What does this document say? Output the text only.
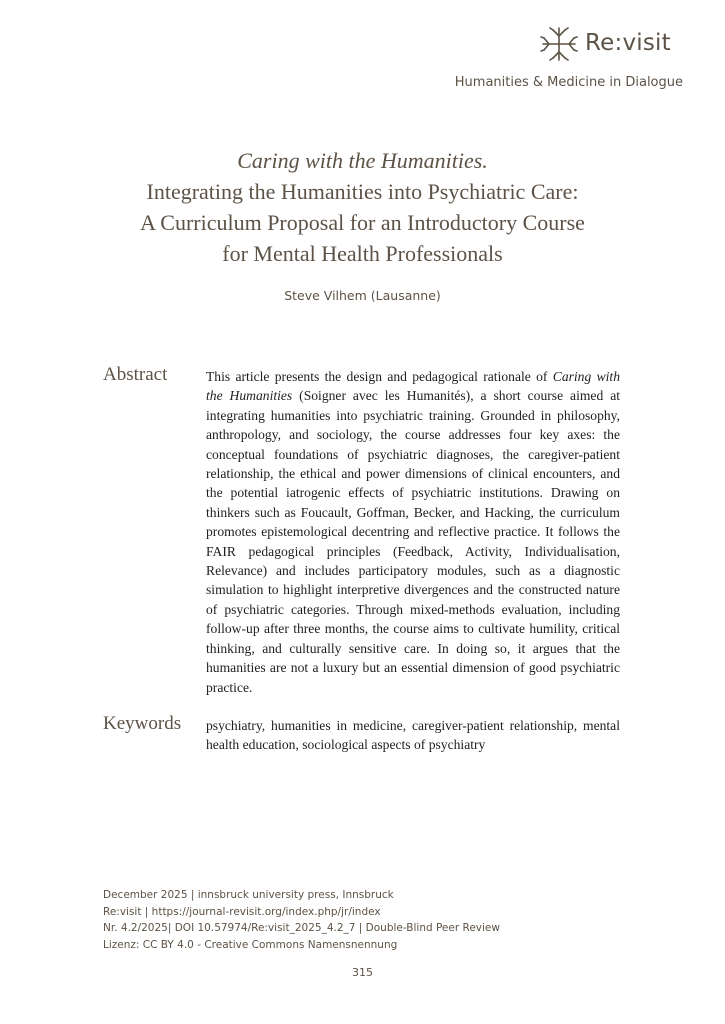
Re:visit
Humanities & Medicine in Dialogue
Caring with the Humanities.
Integrating the Humanities into Psychiatric Care:
A Curriculum Proposal for an Introductory Course
for Mental Health Professionals
Steve Vilhem (Lausanne)
Abstract	This article presents the design and pedagogical rationale of Caring with the Humanities (Soigner avec les Humanités), a short course aimed at integrating humanities into psychiatric training. Grounded in philosophy, anthropology, and sociology, the course addresses four key axes: the conceptual foundations of psychiatric diagnoses, the caregiver-patient relationship, the ethical and power dimensions of clinical encounters, and the potential iatrogenic effects of psychiatric institutions. Drawing on thinkers such as Foucault, Goffman, Becker, and Hacking, the curriculum promotes epistemological decentring and reflective practice. It follows the FAIR pedagogical principles (Feedback, Activity, Individualisation, Relevance) and includes participatory modules, such as a diagnostic simulation to highlight interpretive divergences and the constructed nature of psychiatric categories. Through mixed-methods evaluation, including follow-up after three months, the course aims to cultivate humility, critical thinking, and culturally sensitive care. In doing so, it argues that the humanities are not a luxury but an essential dimension of good psychiatric practice.

Keywords psychiatry, humanities in medicine, caregiver-patient relationship, mental health education, sociological aspects of psychiatry

December 2025 | innsbruck university press, Innsbruck
Re:visit | https://journal-revisit.org/index.php/jr/index
Nr. 4.2/2025| DOI 10.57974/Re:visit_2025_4.2_7 | Double-Blind Peer Review
Lizenz: CC BY 4.0 - Creative Commons Namensnennung
315
